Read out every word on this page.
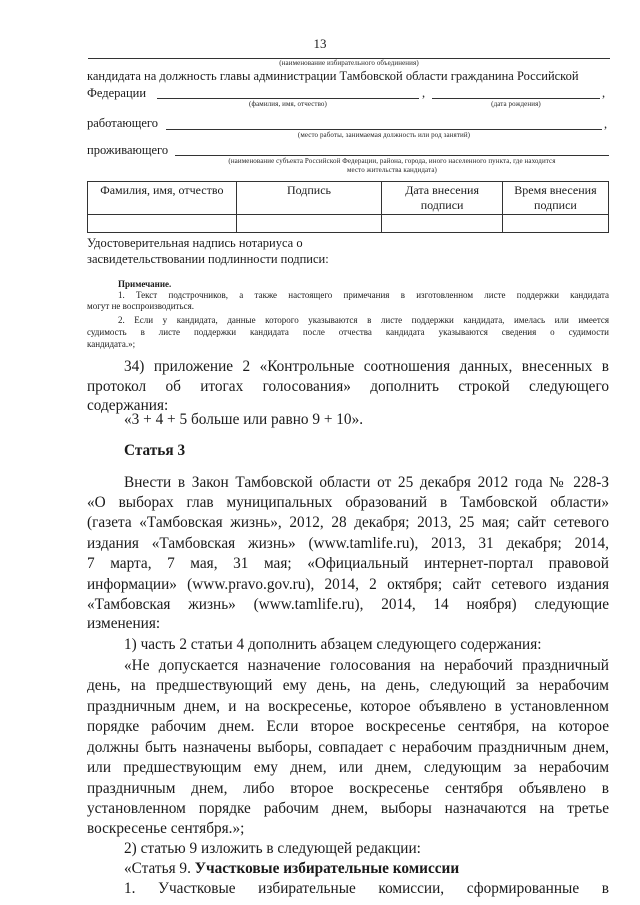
13
(наименование избирательного объединения)
кандидата на должность главы администрации Тамбовской области гражданина Российской
Федерации	,	,
(фамилия, имя, отчество)	(дата рождения)
работающего	,
(место работы, занимаемая должность или род занятий)
проживающего
(наименование субъекта Российской Федерации, района, города, иного населенного пункта, где находится
место жительства кандидата)
Фамилия, имя, отчество	Подпись	Дата внесения подписи	Время внесения подписи

Удостоверительная надпись нотариуса о
засвидетельствовании подлинности подписи:
Примечание.
1. Текст подстрочников, а также настоящего примечания в изготовленном листе поддержки кандидата
могут не воспроизводиться.
2. Если у кандидата, данные которого указываются в листе поддержки кандидата, имелась или имеется
судимость в листе поддержки кандидата после отчества кандидата указываются сведения о судимости
кандидата.»;
34) приложение 2 «Контрольные соотношения данных, внесенных в
протокол об итогах голосования» дополнить строкой следующего
содержания:
«3 + 4 + 5 больше или равно 9 + 10».
Статья 3
Внести в Закон Тамбовской области от 25 декабря 2012 года № 228-З
«О выборах глав муниципальных образований в Тамбовской области»
(газета «Тамбовская жизнь», 2012, 28 декабря; 2013, 25 мая; сайт сетевого
издания «Тамбовская жизнь» (www.tamlife.ru), 2013, 31 декабря; 2014,
7 марта, 7 мая, 31 мая; «Официальный интернет-портал правовой
информации» (www.pravo.gov.ru), 2014, 2 октября; сайт сетевого издания
«Тамбовская жизнь» (www.tamlife.ru), 2014, 14 ноября) следующие
изменения:
1) часть 2 статьи 4 дополнить абзацем следующего содержания:
«Не допускается назначение голосования на нерабочий праздничный
день, на предшествующий ему день, на день, следующий за нерабочим
праздничным днем, и на воскресенье, которое объявлено в установленном
порядке рабочим днем. Если второе воскресенье сентября, на которое
должны быть назначены выборы, совпадает с нерабочим праздничным днем,
или предшествующим ему днем, или днем, следующим за нерабочим
праздничным днем, либо второе воскресенье сентября объявлено в
установленном порядке рабочим днем, выборы назначаются на третье
воскресенье сентября.»;
2) статью 9 изложить в следующей редакции:
«Статья 9. Участковые избирательные комиссии
1. Участковые избирательные комиссии, сформированные в
